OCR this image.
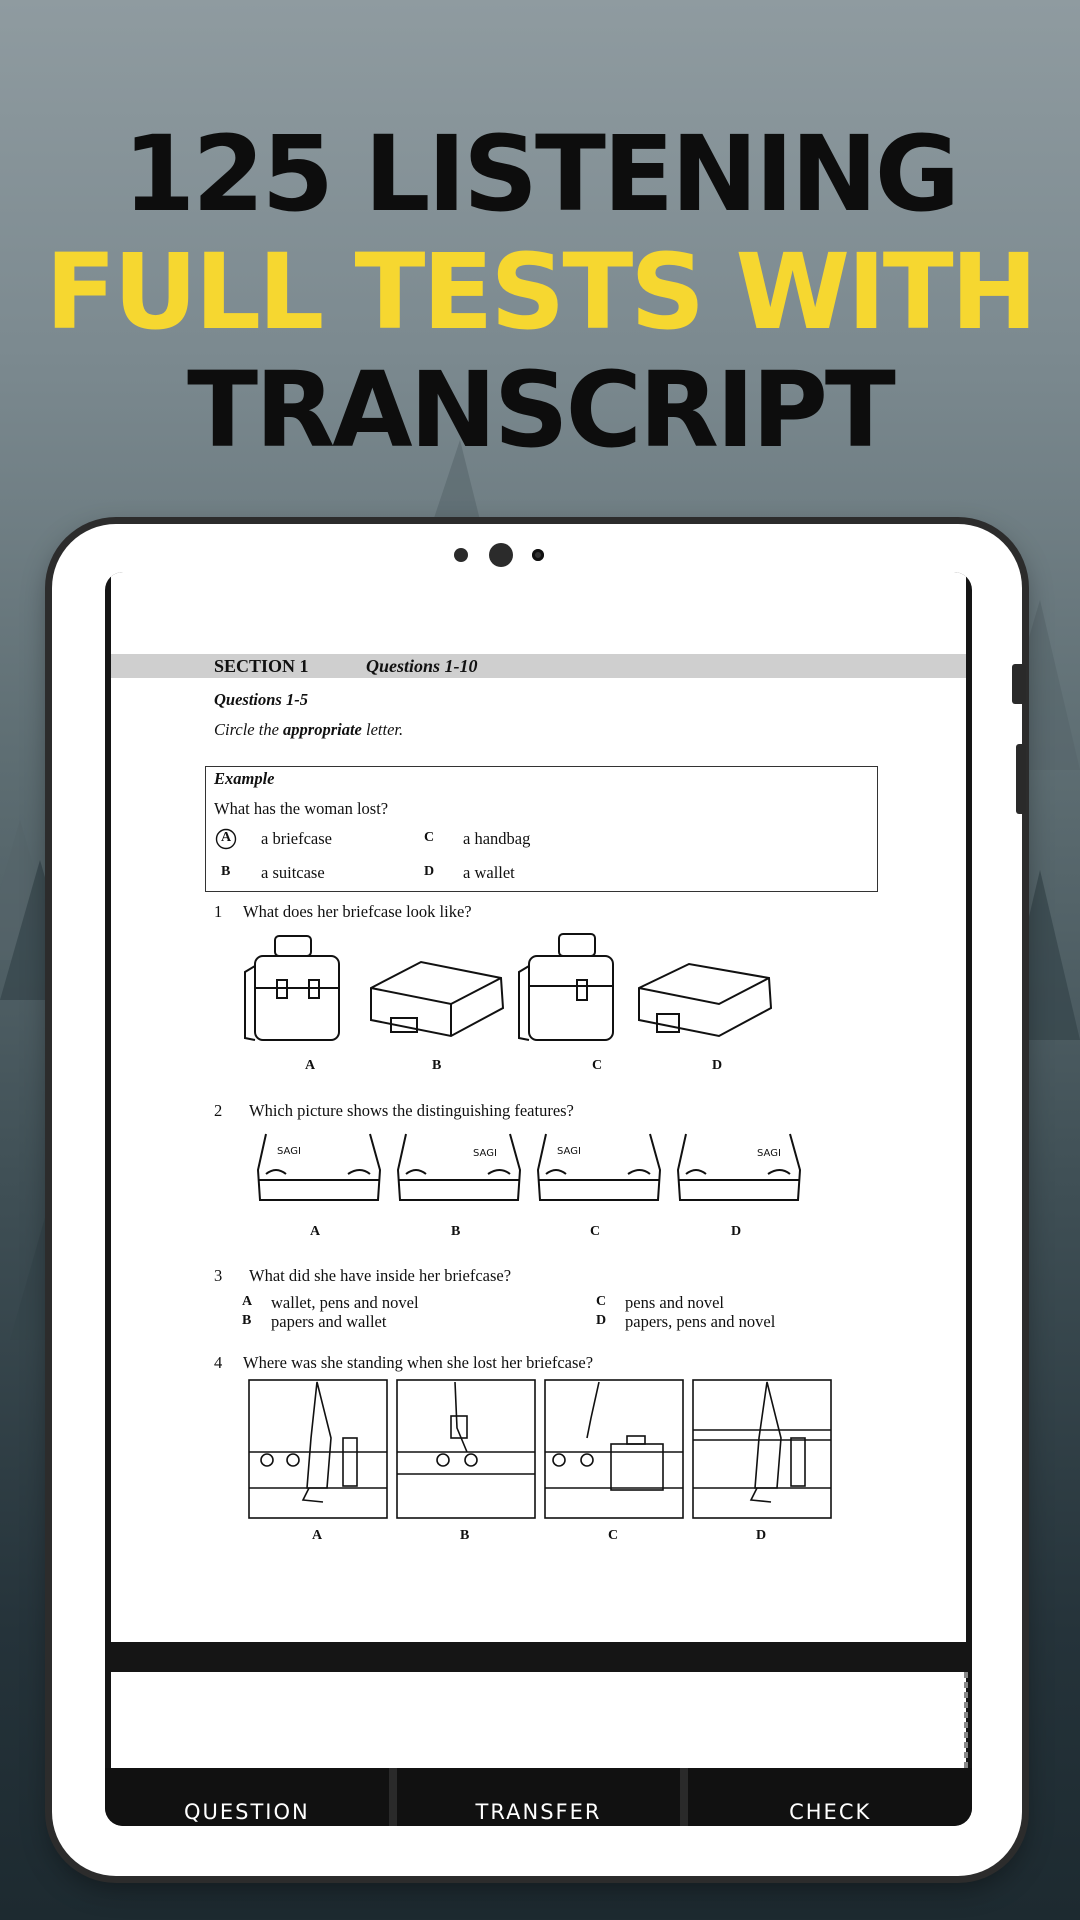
125 LISTENING
FULL TESTS WITH
TRANSCRIPT
SECTION 1	Questions 1-10
Questions 1-5
Circle the appropriate letter.
Example
What has the woman lost?
A a briefcase	C a handbag
B a suitcase	D a wallet
1 What does her briefcase look like?
A	B	C	D
2 Which picture shows the distinguishing features?
SAGI	SAGI	SAGI	SAGI
A	B	C	D
3 What did she have inside her briefcase?
A wallet, pens and novel
B papers and wallet
C pens and novel
D papers, pens and novel
4 Where was she standing when she lost her briefcase?
A	B	C	D
QUESTION	TRANSFER	CHECK
